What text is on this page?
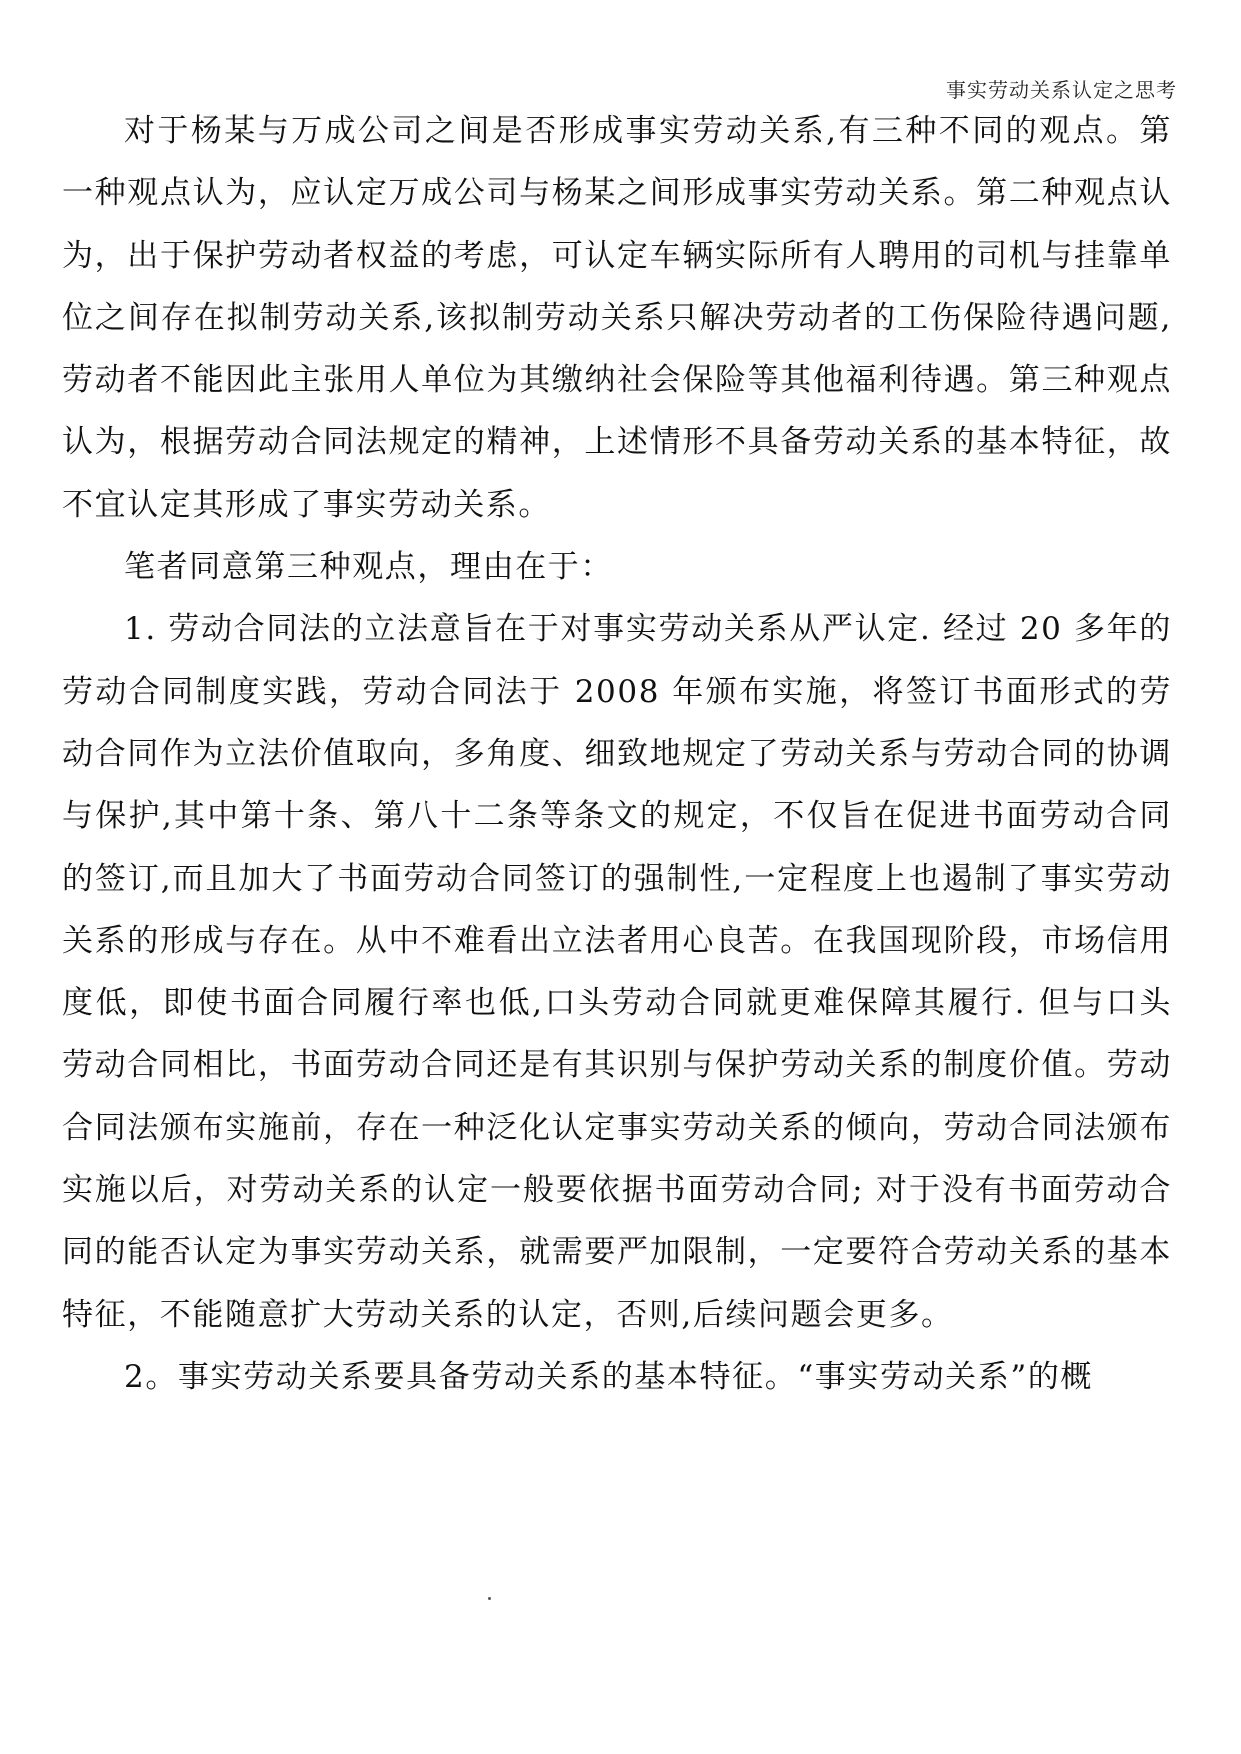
事实劳动关系认定之思考

对于杨某与万成公司之间是否形成事实劳动关系,有三种不同的观点。第一种观点认为，应认定万成公司与杨某之间形成事实劳动关系。第二种观点认为，出于保护劳动者权益的考虑，可认定车辆实际所有人聘用的司机与挂靠单位之间存在拟制劳动关系,该拟制劳动关系只解决劳动者的工伤保险待遇问题,劳动者不能因此主张用人单位为其缴纳社会保险等其他福利待遇。第三种观点认为，根据劳动合同法规定的精神，上述情形不具备劳动关系的基本特征，故不宜认定其形成了事实劳动关系。

笔者同意第三种观点，理由在于：

1. 劳动合同法的立法意旨在于对事实劳动关系从严认定. 经过 20 多年的劳动合同制度实践，劳动合同法于 2008 年颁布实施，将签订书面形式的劳动合同作为立法价值取向，多角度、细致地规定了劳动关系与劳动合同的协调与保护,其中第十条、第八十二条等条文的规定，不仅旨在促进书面劳动合同的签订,而且加大了书面劳动合同签订的强制性,一定程度上也遏制了事实劳动关系的形成与存在。从中不难看出立法者用心良苦。在我国现阶段，市场信用度低，即使书面合同履行率也低,口头劳动合同就更难保障其履行. 但与口头劳动合同相比，书面劳动合同还是有其识别与保护劳动关系的制度价值。劳动合同法颁布实施前，存在一种泛化认定事实劳动关系的倾向，劳动合同法颁布实施以后，对劳动关系的认定一般要依据书面劳动合同; 对于没有书面劳动合同的能否认定为事实劳动关系，就需要严加限制，一定要符合劳动关系的基本特征，不能随意扩大劳动关系的认定，否则,后续问题会更多。

2。事实劳动关系要具备劳动关系的基本特征。“事实劳动关系”的概
